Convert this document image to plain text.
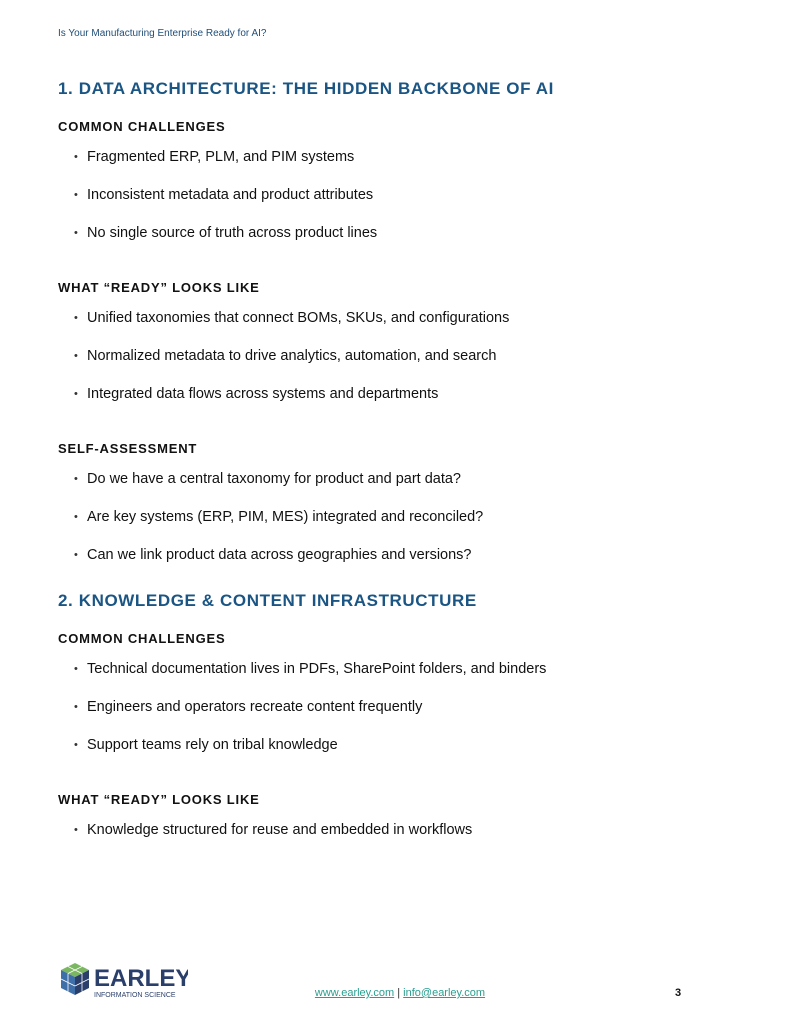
Is Your Manufacturing Enterprise Ready for AI?
1. DATA ARCHITECTURE: THE HIDDEN BACKBONE OF AI
COMMON CHALLENGES
• Fragmented ERP, PLM, and PIM systems
• Inconsistent metadata and product attributes
• No single source of truth across product lines
WHAT “READY” LOOKS LIKE
• Unified taxonomies that connect BOMs, SKUs, and configurations
• Normalized metadata to drive analytics, automation, and search
• Integrated data flows across systems and departments
SELF-ASSESSMENT
• Do we have a central taxonomy for product and part data?
• Are key systems (ERP, PIM, MES) integrated and reconciled?
• Can we link product data across geographies and versions?
2. KNOWLEDGE & CONTENT INFRASTRUCTURE
COMMON CHALLENGES
• Technical documentation lives in PDFs, SharePoint folders, and binders
• Engineers and operators recreate content frequently
• Support teams rely on tribal knowledge
WHAT “READY” LOOKS LIKE
• Knowledge structured for reuse and embedded in workflows
EARLEY
INFORMATION SCIENCE	www.earley.com | info@earley.com	3
